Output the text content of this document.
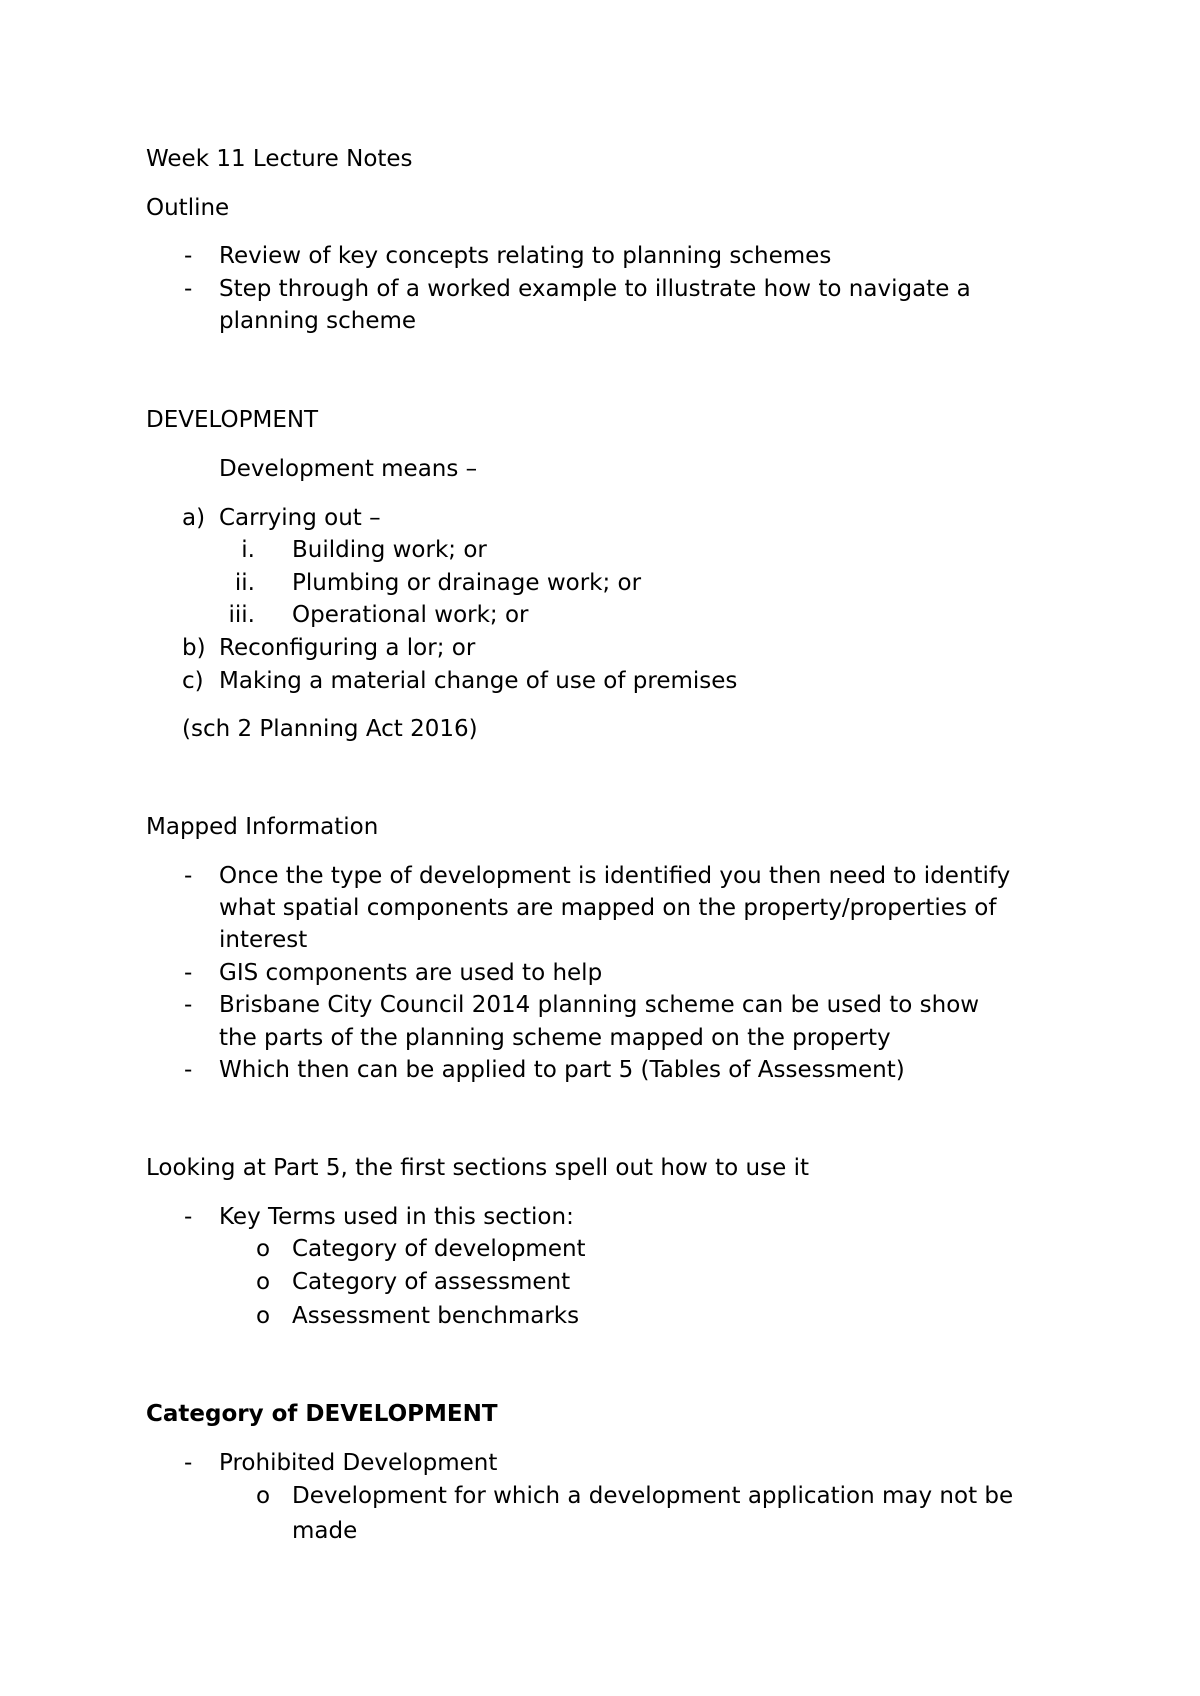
Week 11 Lecture Notes
Outline
- Review of key concepts relating to planning schemes
- Step through of a worked example to illustrate how to navigate a
planning scheme
DEVELOPMENT
Development means –
a) Carrying out –
i. Building work; or
ii. Plumbing or drainage work; or
iii. Operational work; or
b) Reconfiguring a lor; or
c) Making a material change of use of premises
(sch 2 Planning Act 2016)
Mapped Information
- Once the type of development is identified you then need to identify
what spatial components are mapped on the property/properties of
interest
- GIS components are used to help
- Brisbane City Council 2014 planning scheme can be used to show
the parts of the planning scheme mapped on the property
- Which then can be applied to part 5 (Tables of Assessment)
Looking at Part 5, the first sections spell out how to use it
- Key Terms used in this section:
o Category of development
o Category of assessment
o Assessment benchmarks
Category of DEVELOPMENT
- Prohibited Development
o Development for which a development application may not be
made
